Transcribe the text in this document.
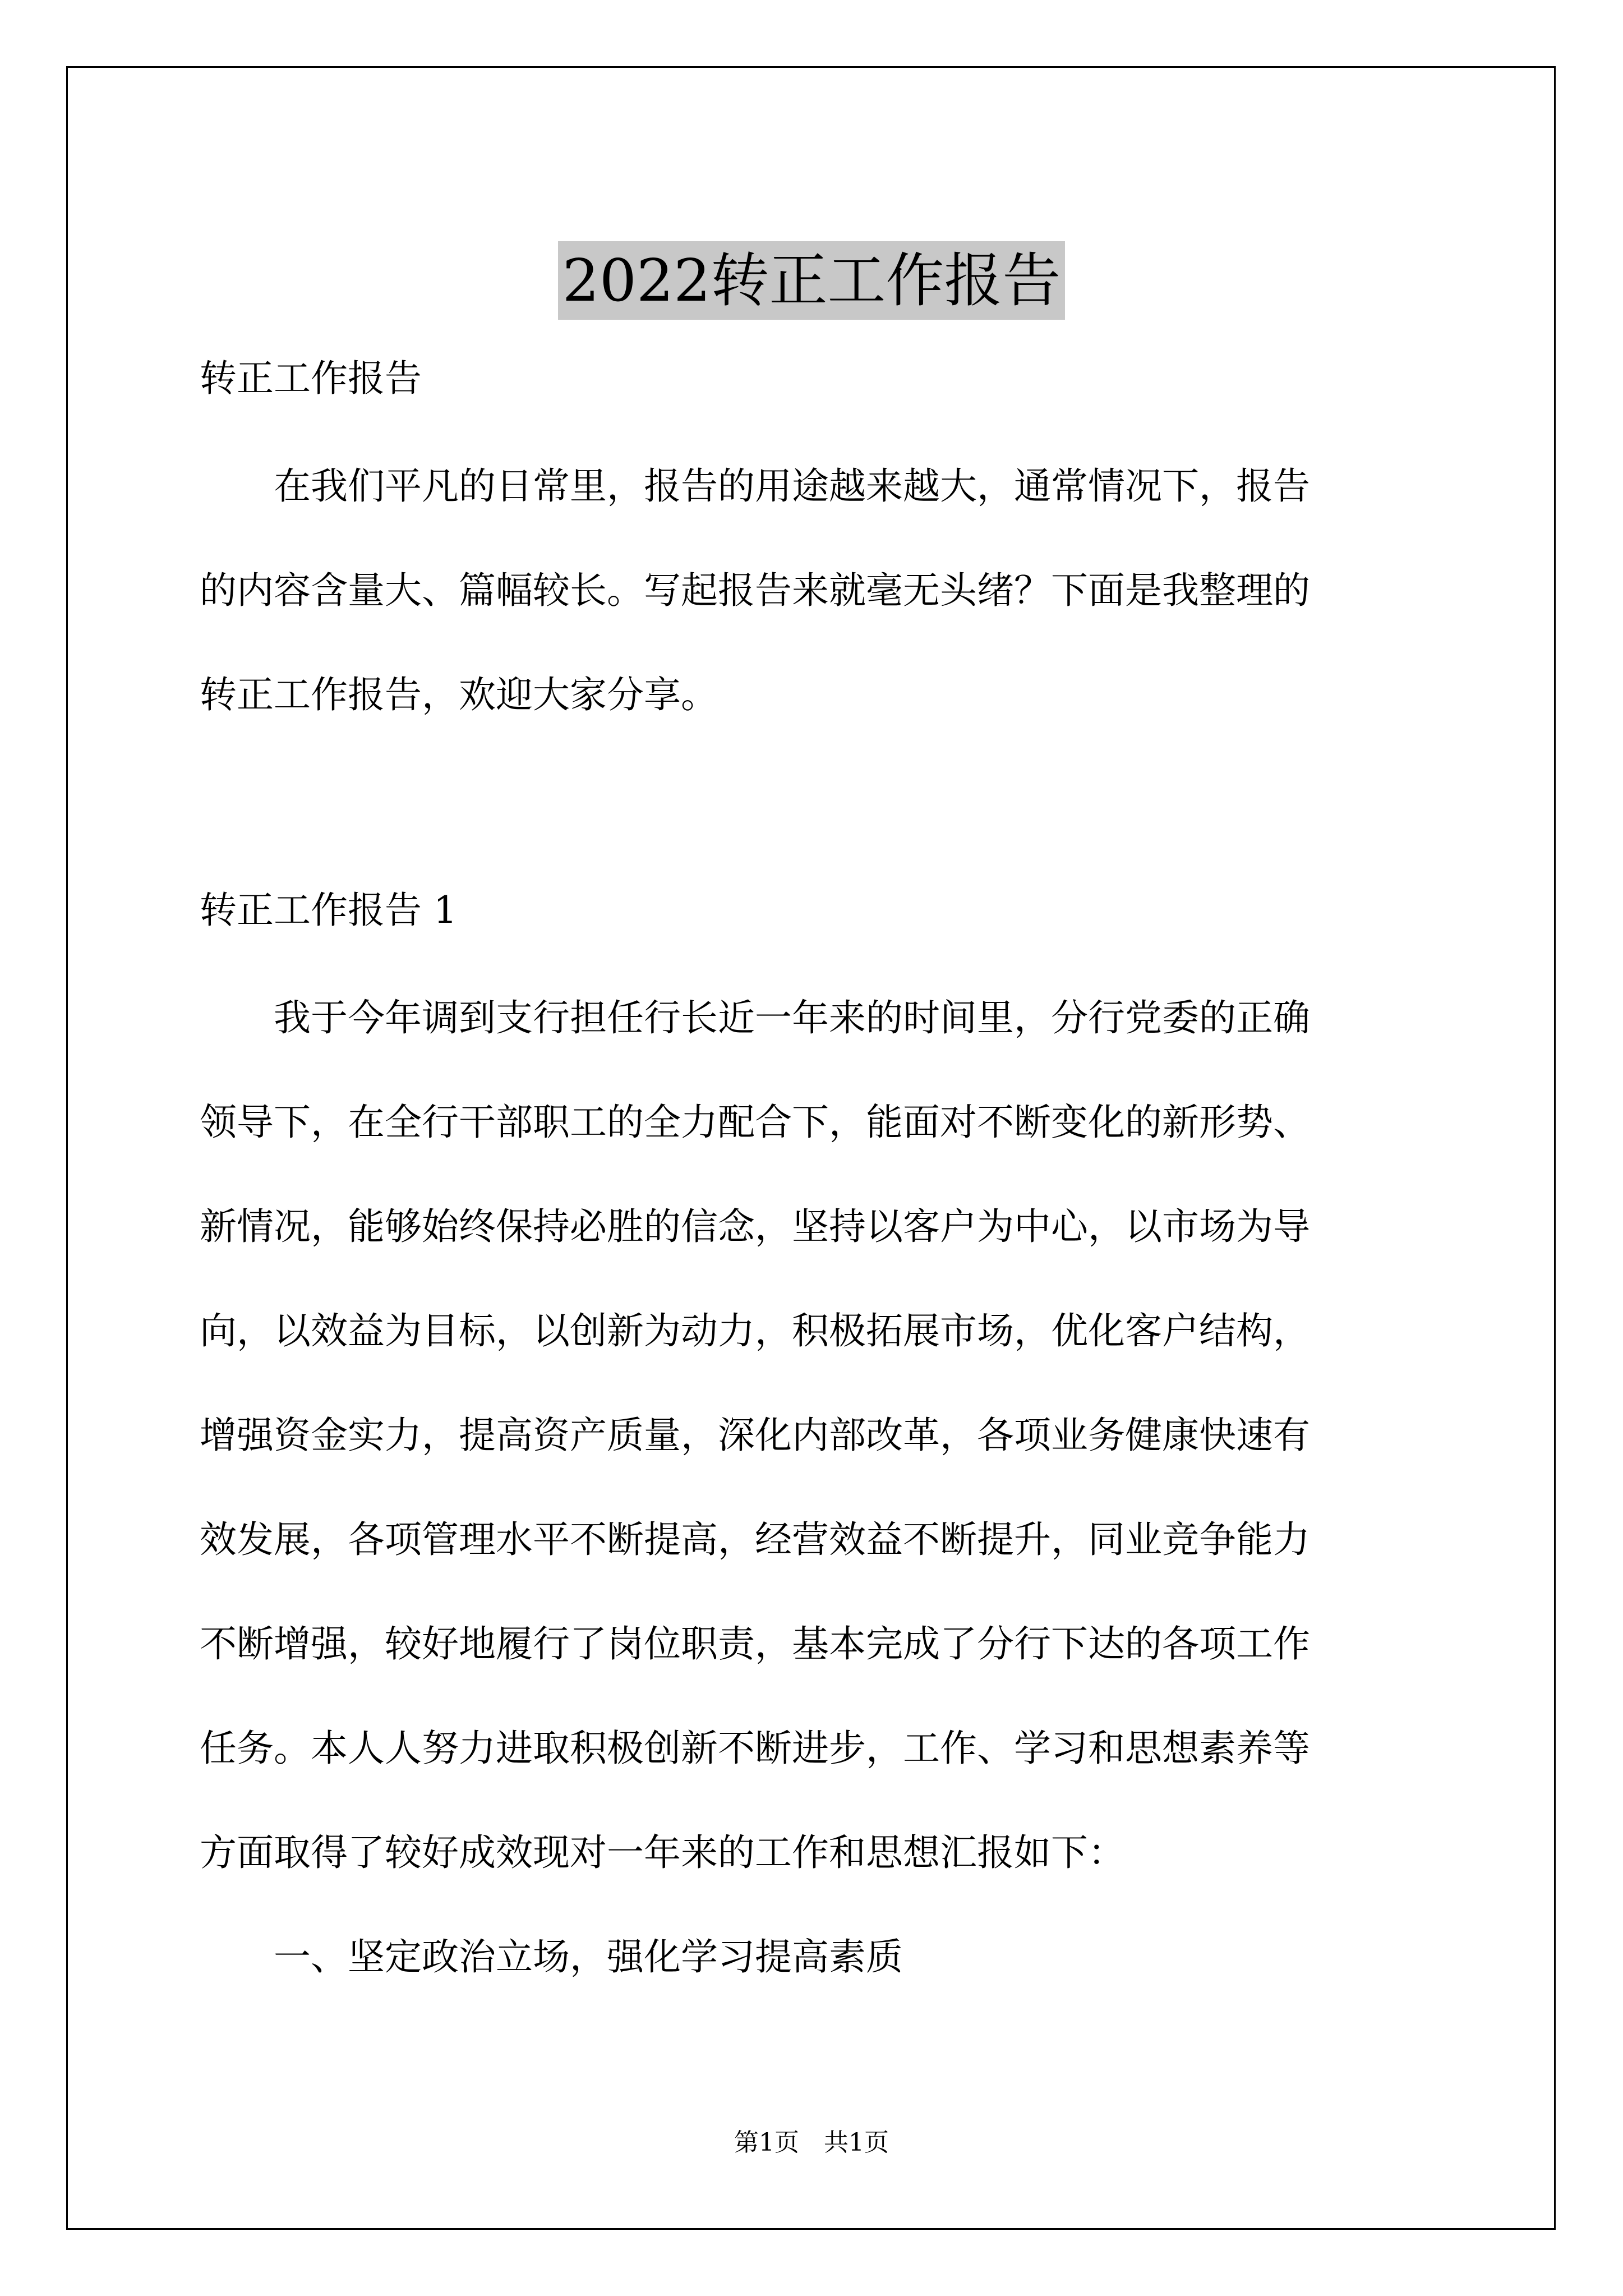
2022转正工作报告

转正工作报告

　　在我们平凡的日常里，报告的用途越来越大，通常情况下，报告
的内容含量大、篇幅较长。写起报告来就毫无头绪？下面是我整理的
转正工作报告，欢迎大家分享。

转正工作报告 1

　　我于今年调到支行担任行长近一年来的时间里，分行党委的正确
领导下，在全行干部职工的全力配合下，能面对不断变化的新形势、
新情况，能够始终保持必胜的信念，坚持以客户为中心，以市场为导
向，以效益为目标，以创新为动力，积极拓展市场，优化客户结构，
增强资金实力，提高资产质量，深化内部改革，各项业务健康快速有
效发展，各项管理水平不断提高，经营效益不断提升，同业竞争能力
不断增强，较好地履行了岗位职责，基本完成了分行下达的各项工作
任务。本人人努力进取积极创新不断进步，工作、学习和思想素养等
方面取得了较好成效现对一年来的工作和思想汇报如下：
　　一、坚定政治立场，强化学习提高素质

第1页　共1页
